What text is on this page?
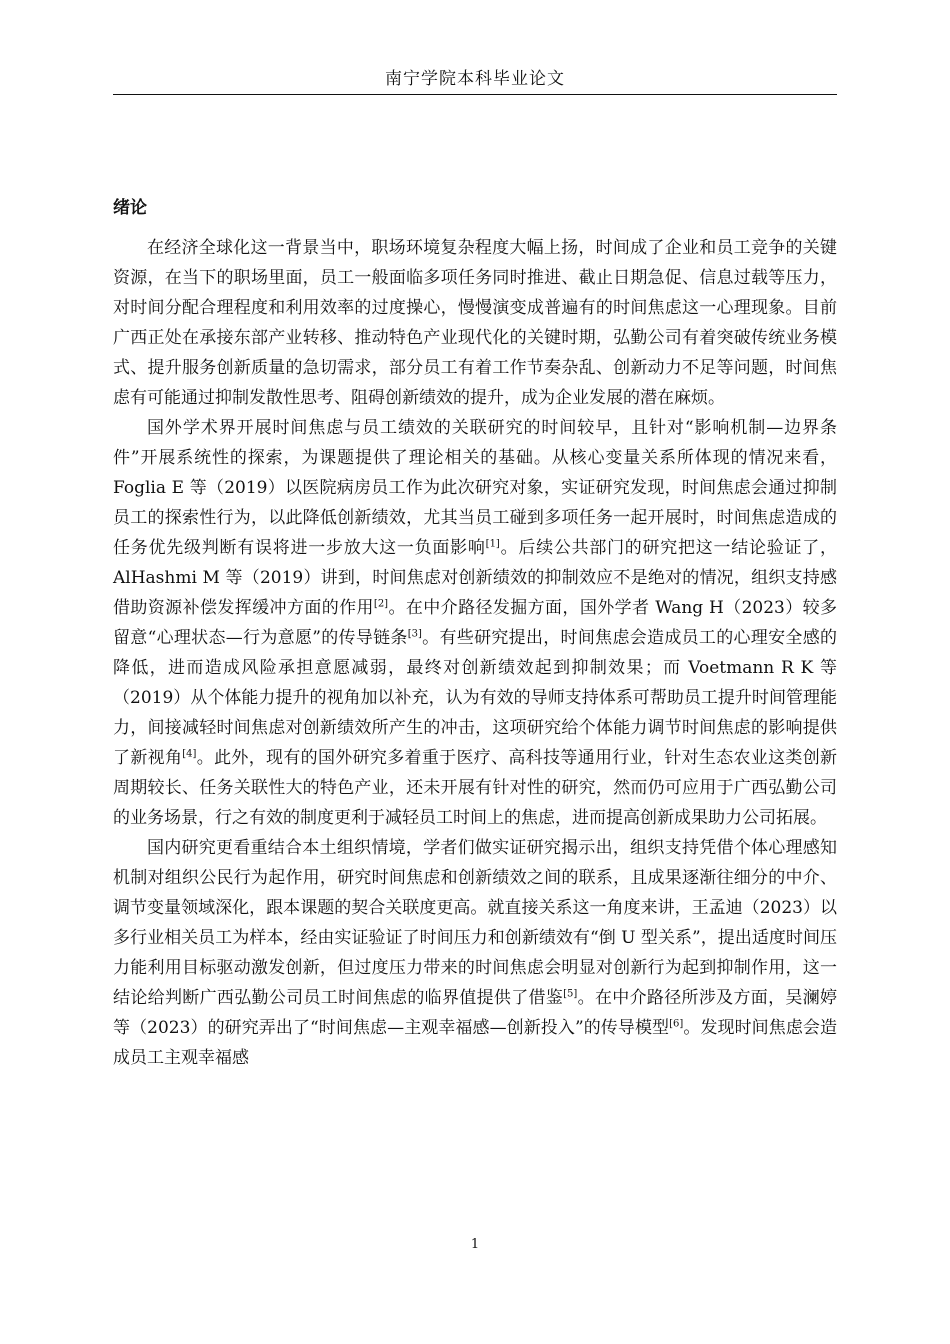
南宁学院本科毕业论文
绪论

在经济全球化这一背景当中，职场环境复杂程度大幅上扬，时间成了企业和员工竞争的关键资源，在当下的职场里面，员工一般面临多项任务同时推进、截止日期急促、信息过载等压力，对时间分配合理程度和利用效率的过度操心，慢慢演变成普遍有的时间焦虑这一心理现象。目前广西正处在承接东部产业转移、推动特色产业现代化的关键时期，弘勤公司有着突破传统业务模式、提升服务创新质量的急切需求，部分员工有着工作节奏杂乱、创新动力不足等问题，时间焦虑有可能通过抑制发散性思考、阻碍创新绩效的提升，成为企业发展的潜在麻烦。

国外学术界开展时间焦虑与员工绩效的关联研究的时间较早，且针对“影响机制—边界条件”开展系统性的探索，为课题提供了理论相关的基础。从核心变量关系所体现的情况来看，Foglia E 等（2019）以医院病房员工作为此次研究对象，实证研究发现，时间焦虑会通过抑制员工的探索性行为，以此降低创新绩效，尤其当员工碰到多项任务一起开展时，时间焦虑造成的任务优先级判断有误将进一步放大这一负面影响[1]。后续公共部门的研究把这一结论验证了，AlHashmi M 等（2019）讲到，时间焦虑对创新绩效的抑制效应不是绝对的情况，组织支持感借助资源补偿发挥缓冲方面的作用[2]。在中介路径发掘方面，国外学者 Wang H（2023）较多留意“心理状态—行为意愿”的传导链条[3]。有些研究提出，时间焦虑会造成员工的心理安全感的降低，进而造成风险承担意愿减弱，最终对创新绩效起到抑制效果；而 Voetmann R K 等（2019）从个体能力提升的视角加以补充，认为有效的导师支持体系可帮助员工提升时间管理能力，间接减轻时间焦虑对创新绩效所产生的冲击，这项研究给个体能力调节时间焦虑的影响提供了新视角[4]。此外，现有的国外研究多着重于医疗、高科技等通用行业，针对生态农业这类创新周期较长、任务关联性大的特色产业，还未开展有针对性的研究，然而仍可应用于广西弘勤公司的业务场景，行之有效的制度更利于减轻员工时间上的焦虑，进而提高创新成果助力公司拓展。

国内研究更看重结合本土组织情境，学者们做实证研究揭示出，组织支持凭借个体心理感知机制对组织公民行为起作用，研究时间焦虑和创新绩效之间的联系，且成果逐渐往细分的中介、调节变量领域深化，跟本课题的契合关联度更高。就直接关系这一角度来讲，王孟迪（2023）以多行业相关员工为样本，经由实证验证了时间压力和创新绩效有“倒 U 型关系”，提出适度时间压力能利用目标驱动激发创新，但过度压力带来的时间焦虑会明显对创新行为起到抑制作用，这一结论给判断广西弘勤公司员工时间焦虑的临界值提供了借鉴[5]。在中介路径所涉及方面，吴澜婷等（2023）的研究弄出了“时间焦虑—主观幸福感—创新投入”的传导模型[6]。发现时间焦虑会造成员工主观幸福感

1
